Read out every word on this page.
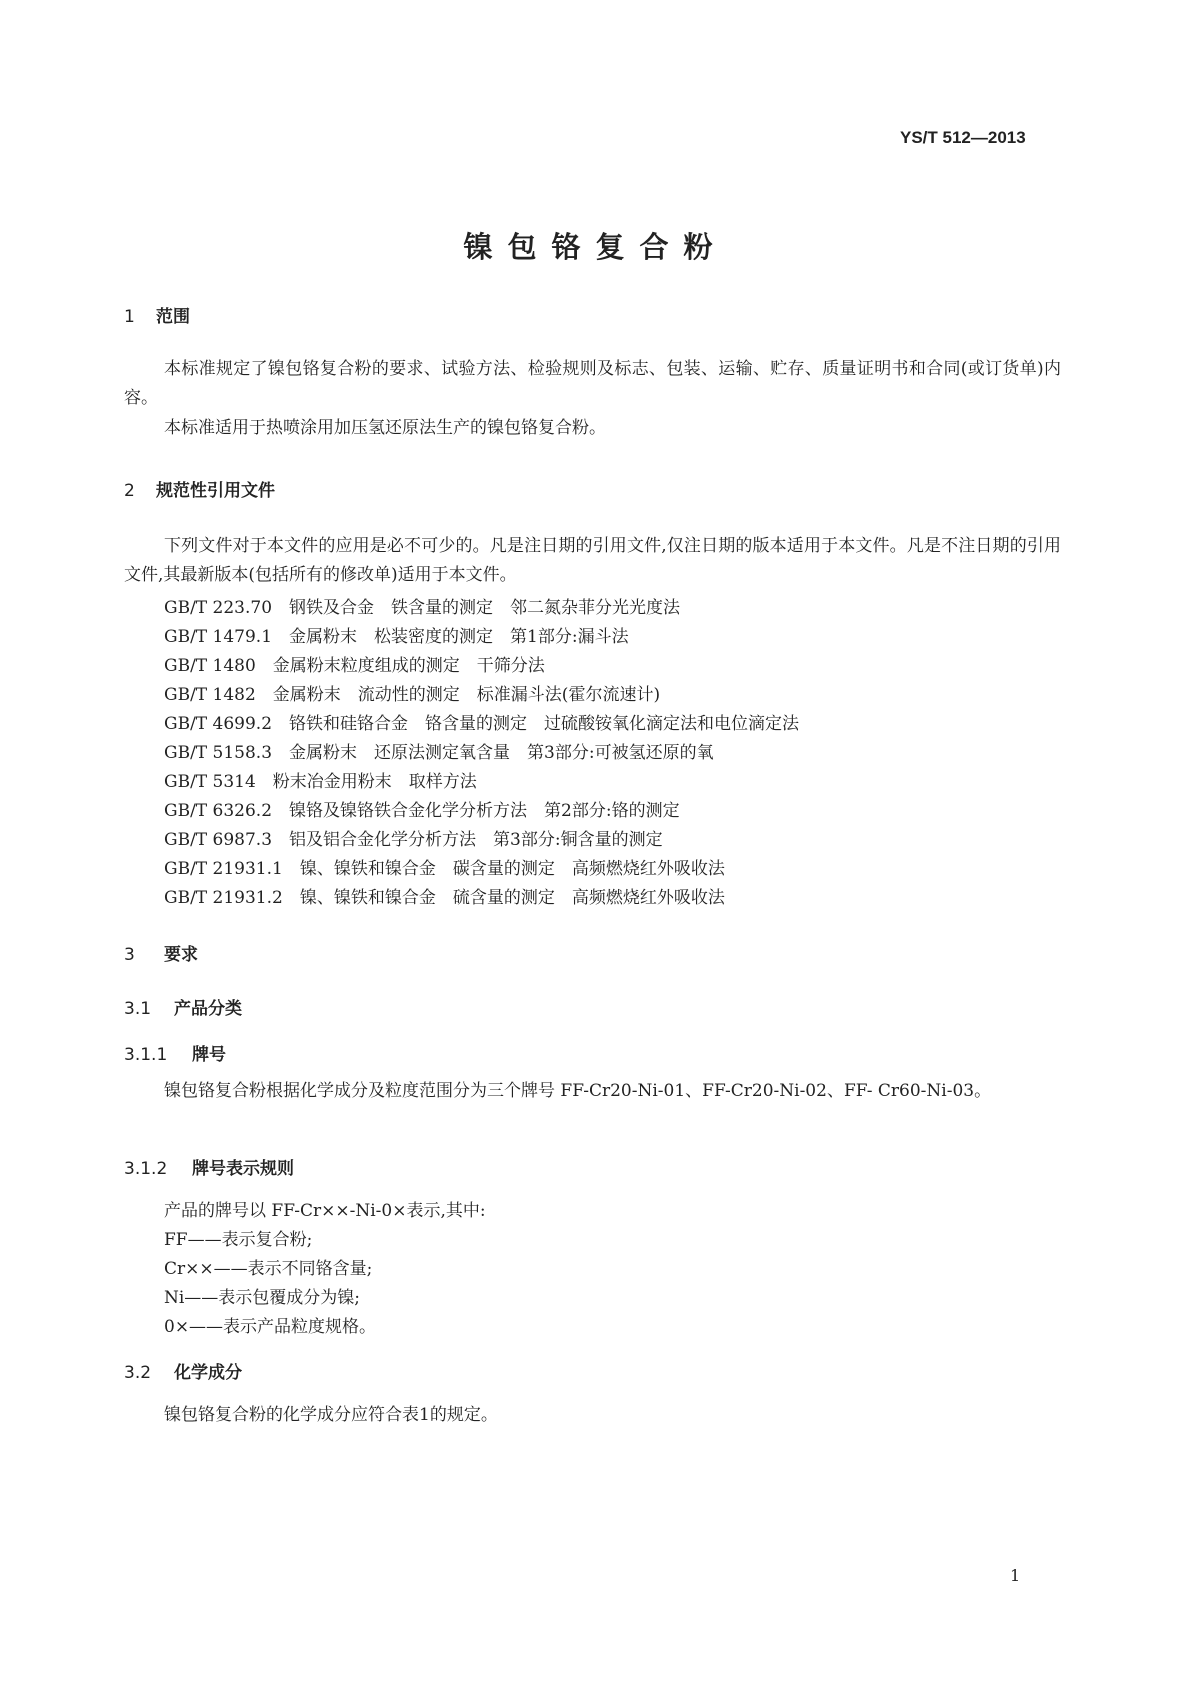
YS/T 512—2013
镍包铬复合粉
1 范围
本标准规定了镍包铬复合粉的要求、试验方法、检验规则及标志、包装、运输、贮存、质量证明书和合同(或订货单)内容。
本标准适用于热喷涂用加压氢还原法生产的镍包铬复合粉。
2 规范性引用文件
下列文件对于本文件的应用是必不可少的。凡是注日期的引用文件,仅注日期的版本适用于本文件。凡是不注日期的引用文件,其最新版本(包括所有的修改单)适用于本文件。
GB/T 223.70　钢铁及合金　铁含量的测定　邻二氮杂菲分光光度法
GB/T 1479.1　金属粉末　松装密度的测定　第1部分:漏斗法
GB/T 1480　金属粉末粒度组成的测定　干筛分法
GB/T 1482　金属粉末　流动性的测定　标准漏斗法(霍尔流速计)
GB/T 4699.2　铬铁和硅铬合金　铬含量的测定　过硫酸铵氧化滴定法和电位滴定法
GB/T 5158.3　金属粉末　还原法测定氧含量　第3部分:可被氢还原的氧
GB/T 5314　粉末冶金用粉末　取样方法
GB/T 6326.2　镍铬及镍铬铁合金化学分析方法　第2部分:铬的测定
GB/T 6987.3　铝及铝合金化学分析方法　第3部分:铜含量的测定
GB/T 21931.1　镍、镍铁和镍合金　碳含量的测定　高频燃烧红外吸收法
GB/T 21931.2　镍、镍铁和镍合金　硫含量的测定　高频燃烧红外吸收法
3 要求
3.1 产品分类
3.1.1 牌号
镍包铬复合粉根据化学成分及粒度范围分为三个牌号 FF-Cr20-Ni-01、FF-Cr20-Ni-02、FF- Cr60-Ni-03。
3.1.2 牌号表示规则
产品的牌号以 FF-Cr××-Ni-0×表示,其中:
FF——表示复合粉;
Cr××——表示不同铬含量;
Ni——表示包覆成分为镍;
0×——表示产品粒度规格。
3.2 化学成分
镍包铬复合粉的化学成分应符合表1的规定。
1
